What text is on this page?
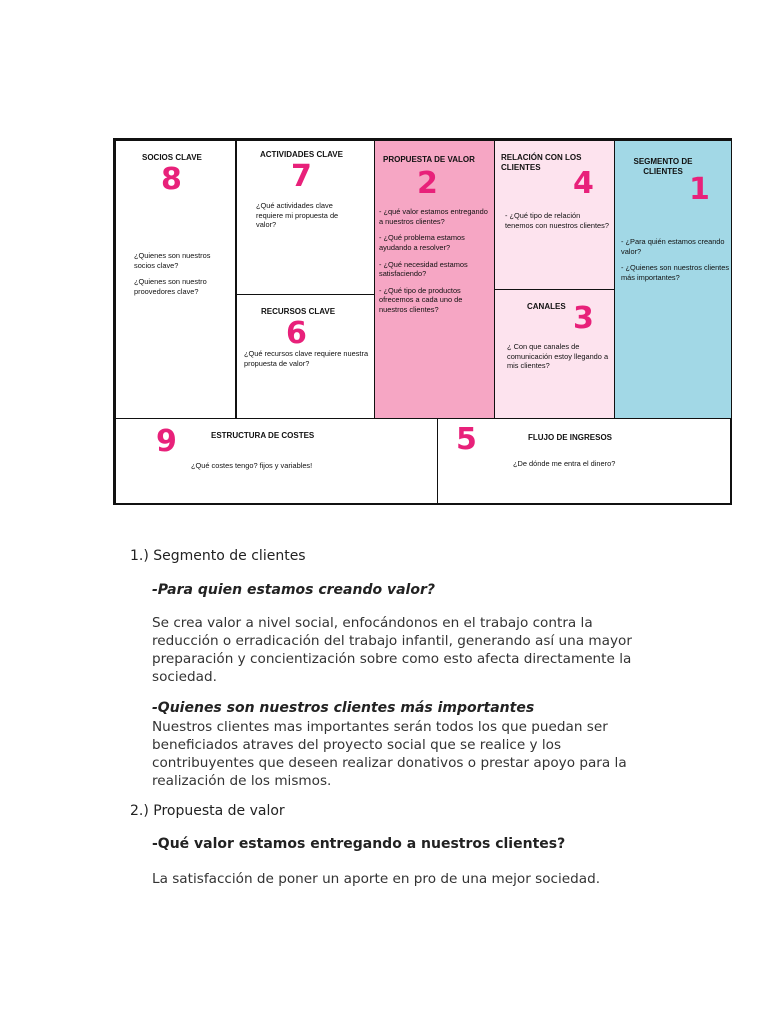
SOCIOS CLAVE
8

¿Quienes son nuestros socios clave?

¿Quienes son nuestro proovedores clave?

ACTIVIDADES CLAVE
7

¿Qué actividades clave requiere mi propuesta de valor?

RECURSOS CLAVE
6

¿Qué recursos clave requiere nuestra propuesta de valor?

PROPUESTA DE VALOR
2

- ¿qué valor estamos entregando a nuestros clientes?

- ¿Qué problema estamos ayudando a resolver?

- ¿Qué necesidad estamos satisfaciendo?

- ¿Qué tipo de productos ofrecemos a cada uno de nuestros clientes?

RELACIÓN CON LOS CLIENTES	4

- ¿Qué tipo de relación tenemos con nuestros clientes?

CANALES 3

¿ Con que canales de comunicación estoy llegando a mis clientes?

SEGMENTO DE CLIENTES
1

- ¿Para quién estamos creando valor?

- ¿Quienes son nuestros clientes más importantes?

9	ESTRUCTURA DE COSTES

¿Qué costes tengo? fijos y variables!

5	FLUJO DE INGRESOS

¿De dónde me entra el dinero?

1.) Segmento de clientes
-Para quien estamos creando valor?
Se crea valor a nivel social, enfocándonos en el trabajo contra la reducción o erradicación del trabajo infantil, generando así una mayor preparación y concientización sobre como esto afecta directamente la sociedad.
-Quienes son nuestros clientes más importantes
Nuestros clientes mas importantes serán todos los que puedan ser beneficiados atraves del proyecto social que se realice y los contribuyentes que deseen realizar donativos o prestar apoyo para la realización de los mismos.
2.) Propuesta de valor
-Qué valor estamos entregando a nuestros clientes?
La satisfacción de poner un aporte en pro de una mejor sociedad.
